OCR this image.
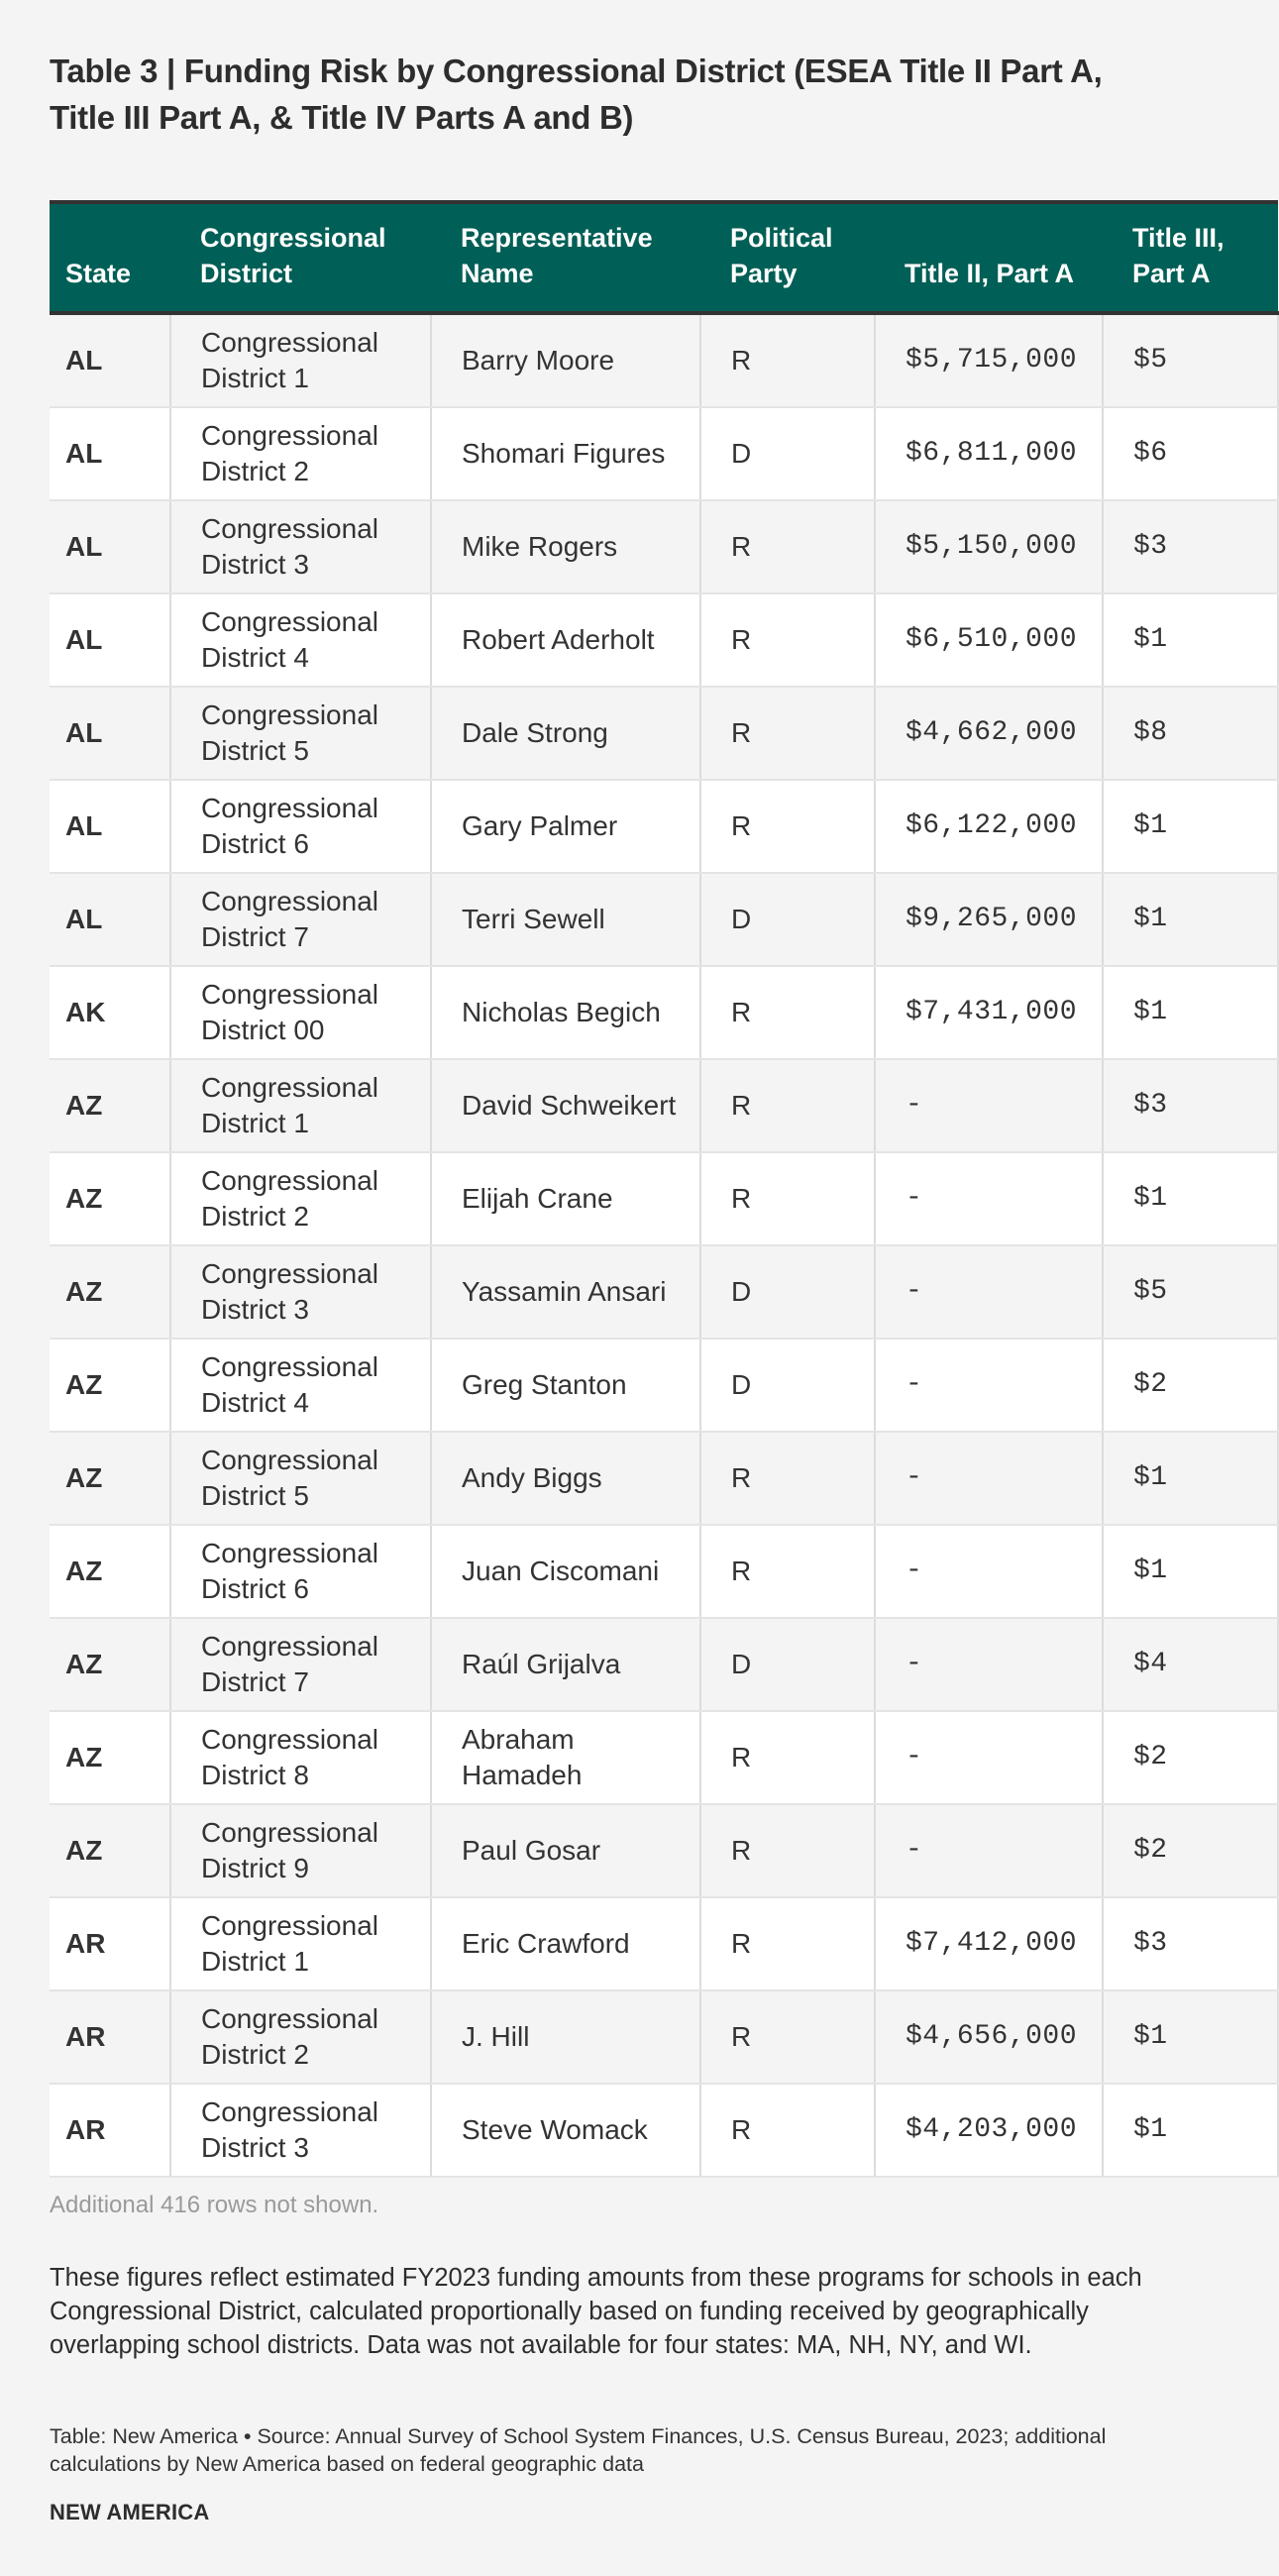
Table 3 | Funding Risk by Congressional District (ESEA Title II Part A, Title III Part A, & Title IV Parts A and B)
State	Congressional District	Representative Name	Political Party	Title II, Part A	Title III, Part A
AL	Congressional District 1	Barry Moore	R	$5,715,000	$5
AL	Congressional District 2	Shomari Figures	D	$6,811,000	$6
AL	Congressional District 3	Mike Rogers	R	$5,150,000	$3
AL	Congressional District 4	Robert Aderholt	R	$6,510,000	$1
AL	Congressional District 5	Dale Strong	R	$4,662,000	$8
AL	Congressional District 6	Gary Palmer	R	$6,122,000	$1
AL	Congressional District 7	Terri Sewell	D	$9,265,000	$1
AK	Congressional District 00	Nicholas Begich	R	$7,431,000	$1
AZ	Congressional District 1	David Schweikert	R	-	$3
AZ	Congressional District 2	Elijah Crane	R	-	$1
AZ	Congressional District 3	Yassamin Ansari	D	-	$5
AZ	Congressional District 4	Greg Stanton	D	-	$2
AZ	Congressional District 5	Andy Biggs	R	-	$1
AZ	Congressional District 6	Juan Ciscomani	R	-	$1
AZ	Congressional District 7	Raúl Grijalva	D	-	$4
AZ	Congressional District 8	Abraham Hamadeh	R	-	$2
AZ	Congressional District 9	Paul Gosar	R	-	$2
AR	Congressional District 1	Eric Crawford	R	$7,412,000	$3
AR	Congressional District 2	J. Hill	R	$4,656,000	$1
AR	Congressional District 3	Steve Womack	R	$4,203,000	$1
Additional 416 rows not shown.

These figures reflect estimated FY2023 funding amounts from these programs for schools in each Congressional District, calculated proportionally based on funding received by geographically overlapping school districts. Data was not available for four states: MA, NH, NY, and WI.

Table: New America • Source: Annual Survey of School System Finances, U.S. Census Bureau, 2023; additional calculations by New America based on federal geographic data

NEW AMERICA
